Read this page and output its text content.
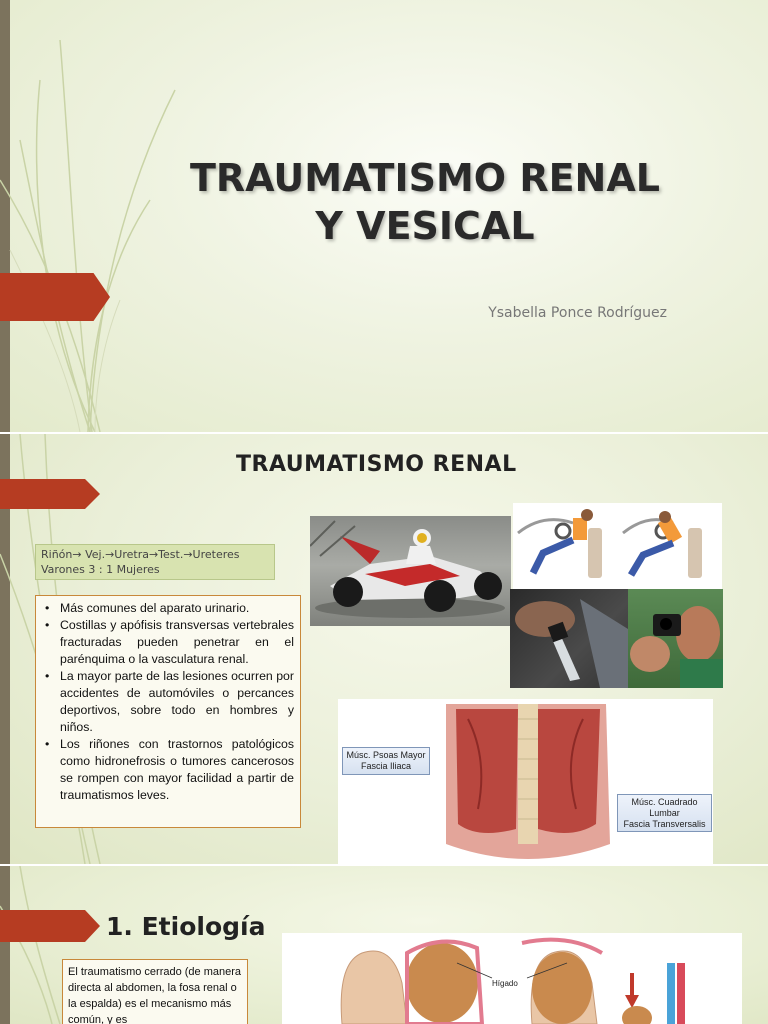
TRAUMATISMO RENAL Y VESICAL
Ysabella Ponce Rodríguez
TRAUMATISMO RENAL
Riñón→ Vej.→Uretra→Test.→Ureteres
Varones 3 : 1 Mujeres
• Más comunes del aparato urinario.
• Costillas y apófisis transversas vertebrales fracturadas pueden penetrar en el parénquima o la vasculatura renal.
• La mayor parte de las lesiones ocurren por accidentes de automóviles o percances deportivos, sobre todo en hombres y niños.
• Los riñones con trastornos patológicos como hidronefrosis o tumores cancerosos se rompen con mayor facilidad a partir de traumatismos leves.
Músc. Psoas Mayor
Fascia Iliaca
Músc. Cuadrado
Lumbar
Fascia Transversalis
1. Etiología
El traumatismo cerrado (de manera directa al abdomen, la fosa renal o la espalda) es el mecanismo más común, y es
Hígado
